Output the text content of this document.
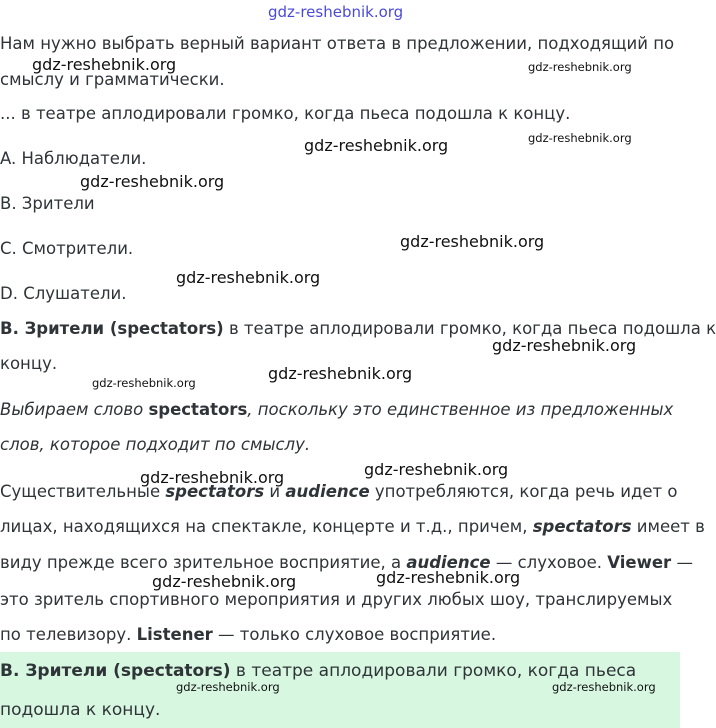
gdz-reshebnik.org
Нам нужно выбрать верный вариант ответа в предложении, подходящий по
смыслу и грамматически.
... в театре аплодировали громко, когда пьеса подошла к концу.
A. Наблюдатели.
B. Зрители
C. Смотрители.
D. Слушатели.
B. Зрители (spectators) в театре аплодировали громко, когда пьеса подошла к
концу.
Выбираем слово spectators, поскольку это единственное из предложенных
слов, которое подходит по смыслу.
Существительные spectators и audience употребляются, когда речь идет о
лицах, находящихся на спектакле, концерте и т.д., причем, spectators имеет в
виду прежде всего зрительное восприятие, а audience — слуховое. Viewer —
это зритель спортивного мероприятия и других любых шоу, транслируемых
по телевизору. Listener — только слуховое восприятие.
B. Зрители (spectators) в театре аплодировали громко, когда пьеса
подошла к концу.
gdz-reshebnik.org	gdz-reshebnik.org
gdz-reshebnik.org
gdz-reshebnik.org
gdz-reshebnik.org
gdz-reshebnik.org
gdz-reshebnik.org
gdz-reshebnik.org
gdz-reshebnik.org
gdz-reshebnik.org
gdz-reshebnik.org
gdz-reshebnik.org
gdz-reshebnik.org
gdz-reshebnik.org
gdz-reshebnik.org	gdz-reshebnik.org
